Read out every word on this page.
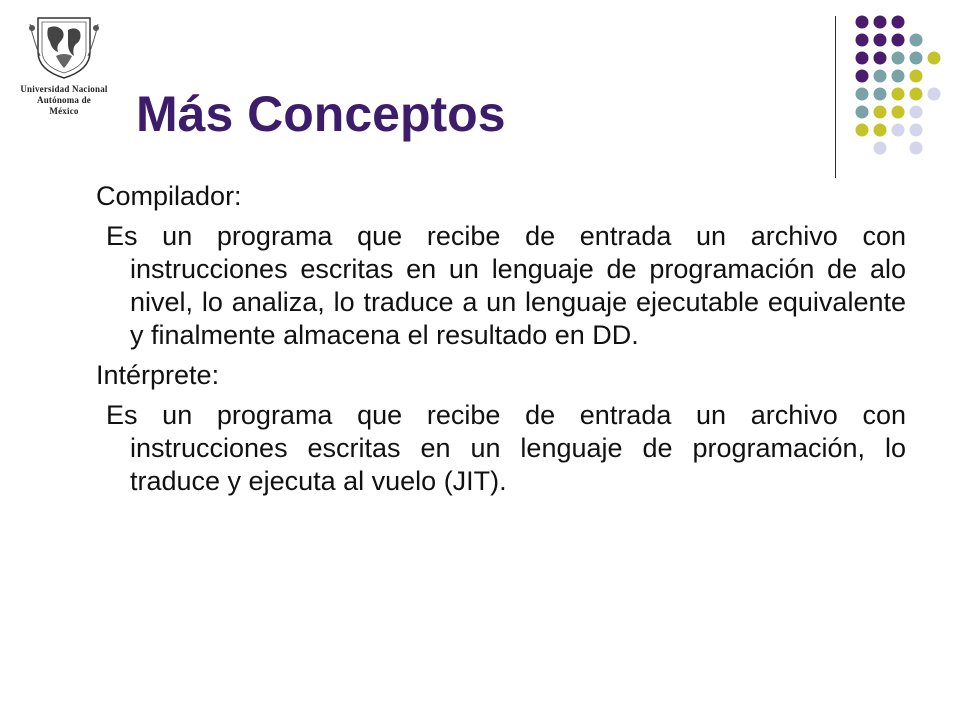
Universidad Nacional
Autónoma de
México	Más Conceptos

Compilador:

Es un programa que recibe de entrada un archivo con instrucciones escritas en un lenguaje de programación de alo nivel, lo analiza, lo traduce a un lenguaje ejecutable equivalente y finalmente almacena el resultado en DD.

Intérprete:

Es un programa que recibe de entrada un archivo con instrucciones escritas en un lenguaje de programación, lo traduce y ejecuta al vuelo (JIT).
